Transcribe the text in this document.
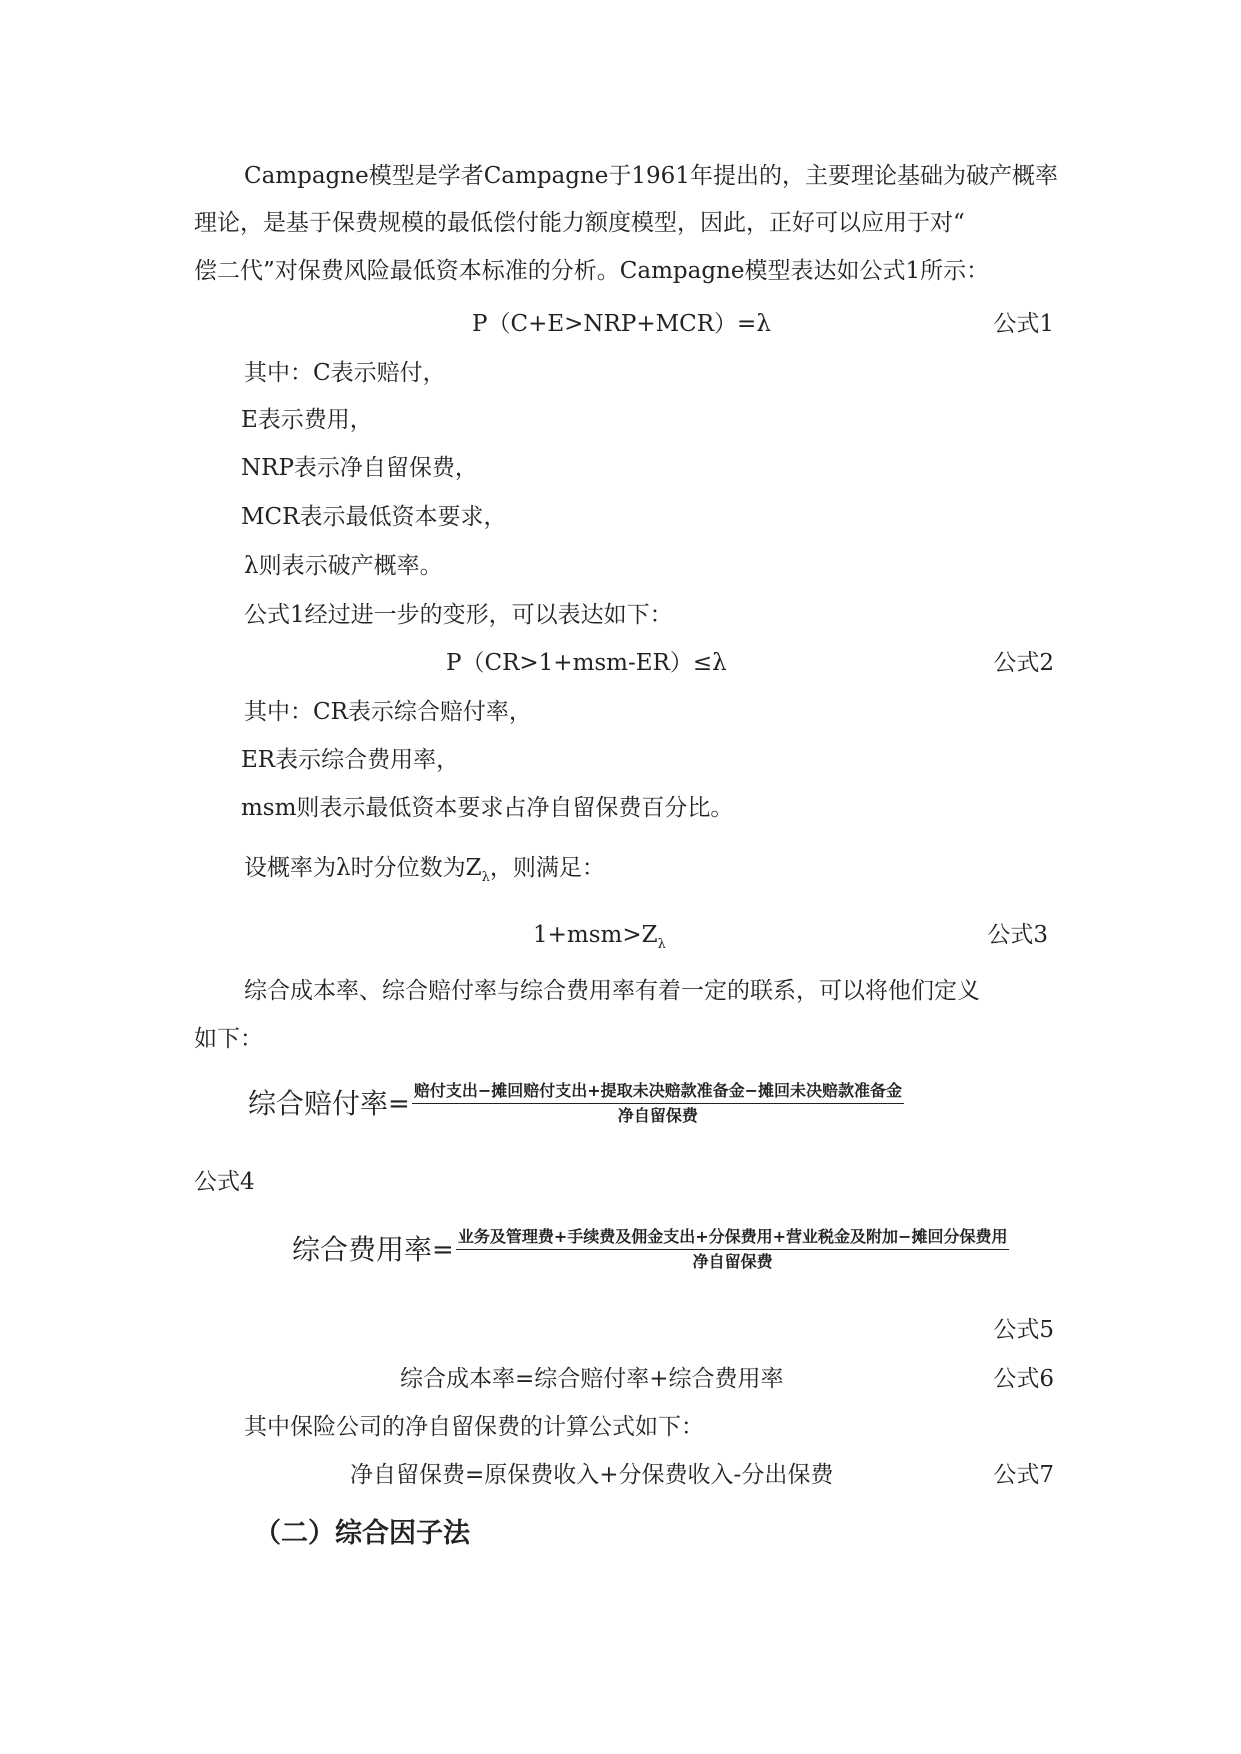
Campagne模型是学者Campagne于1961年提出的，主要理论基础为破产概率
理论，是基于保费规模的最低偿付能力额度模型，因此，正好可以应用于对“
偿二代”对保费风险最低资本标准的分析。Campagne模型表达如公式1所示：
P（C+E>NRP+MCR）=λ	公式1
其中：C表示赔付，
E表示费用，
NRP表示净自留保费，
MCR表示最低资本要求，
λ则表示破产概率。
公式1经过进一步的变形，可以表达如下：
P（CR>1+msm-ER）≤λ	公式2
其中：CR表示综合赔付率，
ER表示综合费用率，
msm则表示最低资本要求占净自留保费百分比。
设概率为λ时分位数为$Z_\lambda$，则满足：
$1+msm>Z_\lambda$	公式3
综合成本率、综合赔付率与综合费用率有着一定的联系，可以将他们定义
如下：
综合赔付率 = $\frac{\text{赔付支出−摊回赔付支出+提取未决赔款准备金−摊回未决赔款准备金}}{\text{净自留保费}}$
公式4
综合费用率 = $\frac{\text{业务及管理费+手续费及佣金支出+分保费用+营业税金及附加−摊回分保费用}}{\text{净自留保费}}$
公式5
综合成本率=综合赔付率+综合费用率	公式6
其中保险公司的净自留保费的计算公式如下：
净自留保费=原保费收入+分保费收入-分出保费	公式7
（二）综合因子法
